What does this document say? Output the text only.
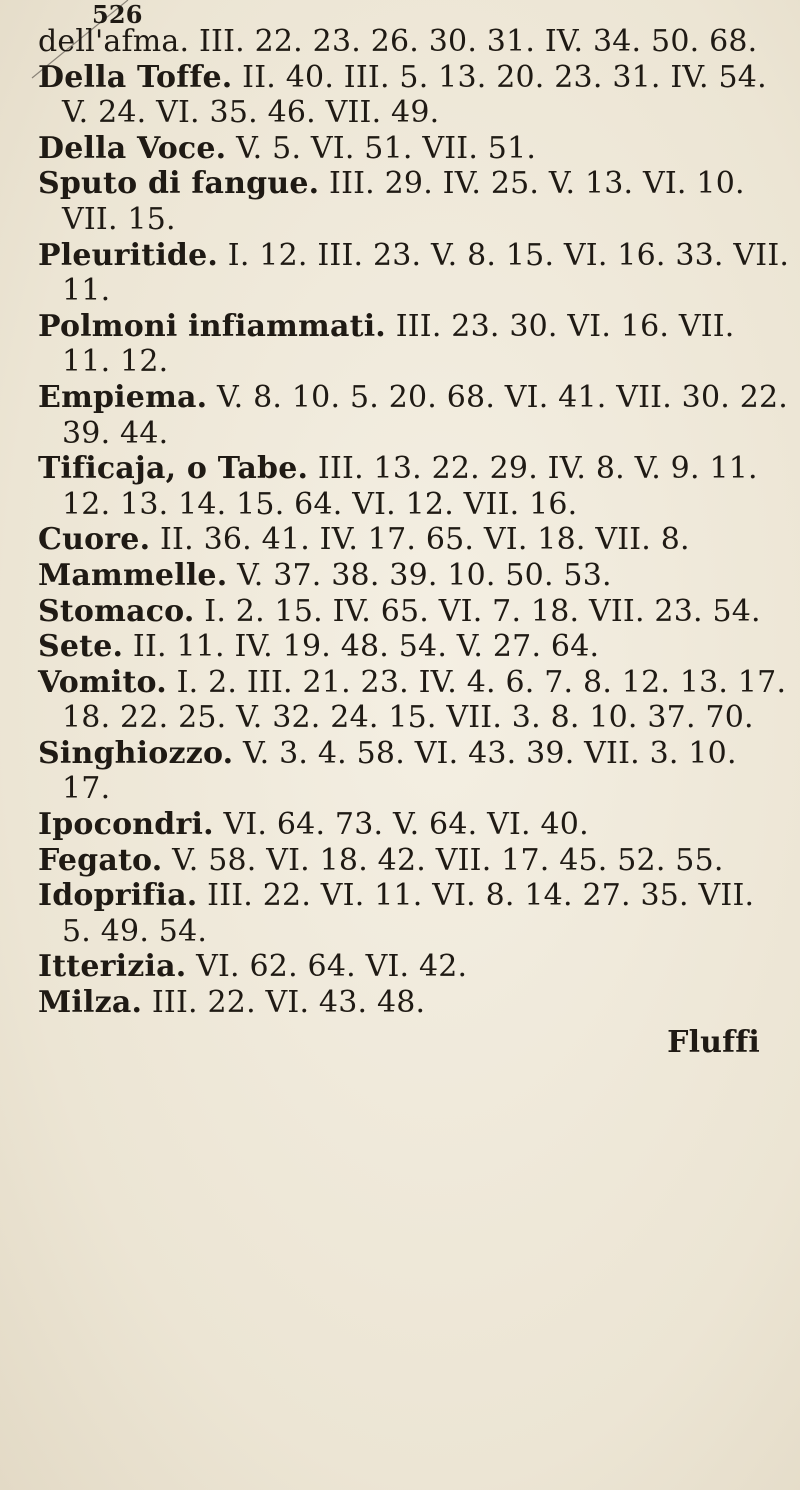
526
dell'afma. III. 22. 23. 26. 30. 31. IV. 34. 50. 68.
Della Toffe. II. 40. III. 5. 13. 20. 23. 31. IV. 54. V. 24. VI. 35. 46. VII. 49.
Della Voce. V. 5. VI. 51. VII. 51.
Sputo di fangue. III. 29. IV. 25. V. 13. VI. 10. VII. 15.
Pleuritide. I. 12. III. 23. V. 8. 15. VI. 16. 33. VII. 11.
Polmoni infiammati. III. 23. 30. VI. 16. VII. 11. 12.
Empiema. V. 8. 10. 5. 20. 68. VI. 41. VII. 30. 22. 39. 44.
Tificaja, o Tabe. III. 13. 22. 29. IV. 8. V. 9. 11. 12. 13. 14. 15. 64. VI. 12. VII. 16.
Cuore. II. 36. 41. IV. 17. 65. VI. 18. VII. 8.
Mammelle. V. 37. 38. 39. 10. 50. 53.
Stomaco. I. 2. 15. IV. 65. VI. 7. 18. VII. 23. 54.
Sete. II. 11. IV. 19. 48. 54. V. 27. 64.
Vomito. I. 2. III. 21. 23. IV. 4. 6. 7. 8. 12. 13. 17. 18. 22. 25. V. 32. 24. 15. VII. 3. 8. 10. 37. 70.
Singhiozzo. V. 3. 4. 58. VI. 43. 39. VII. 3. 10. 17.
Ipocondri. VI. 64. 73. V. 64. VI. 40.
Fegato. V. 58. VI. 18. 42. VII. 17. 45. 52. 55.
Idoprifia. III. 22. VI. 11. VI. 8. 14. 27. 35. VII. 5. 49. 54.
Itterizia. VI. 62. 64. VI. 42.
Milza. III. 22. VI. 43. 48.
Fluffi
